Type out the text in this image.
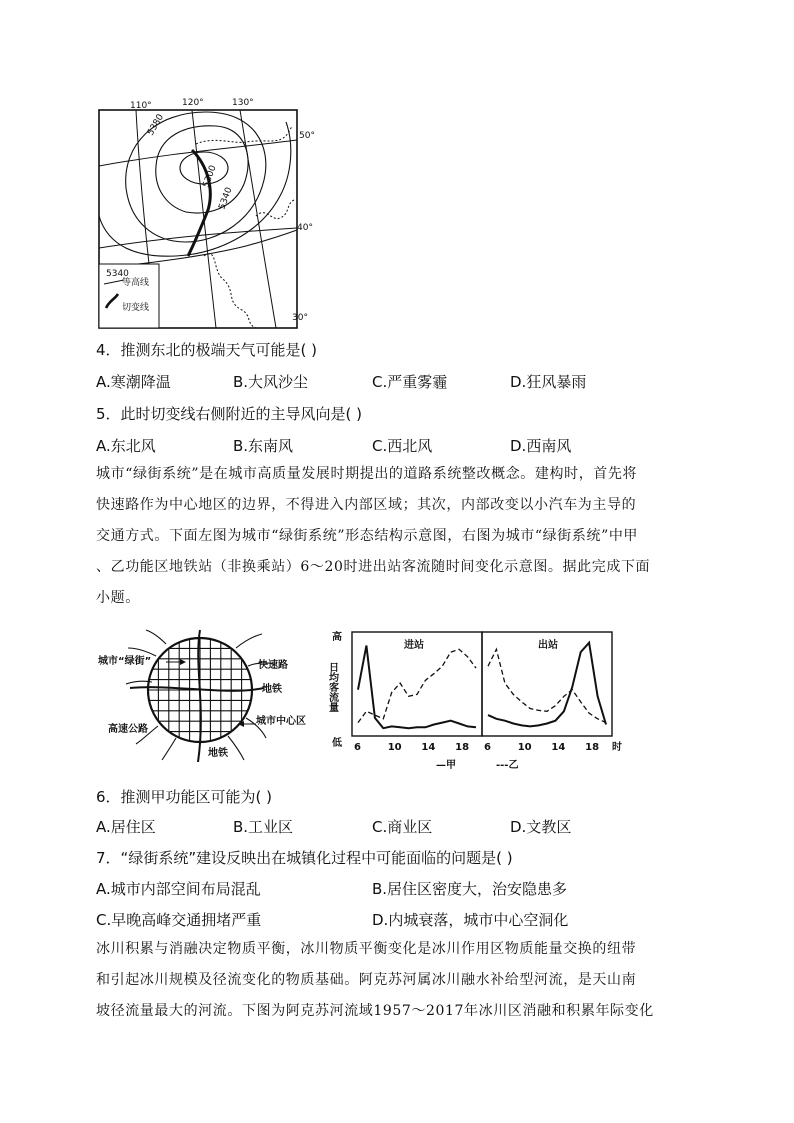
110°	120°	130°
50°
40°
30°
5380
5300
5340
5340
等高线
切变线
4．推测东北的极端天气可能是( )
A.寒潮降温	B.大风沙尘	C.严重雾霾	D.狂风暴雨
5．此时切变线右侧附近的主导风向是( )
A.东北风	B.东南风	C.西北风	D.西南风
城市“绿街系统”是在城市高质量发展时期提出的道路系统整改概念。建构时，首先将
快速路作为中心地区的边界，不得进入内部区域；其次，内部改变以小汽车为主导的
交通方式。下面左图为城市“绿街系统”形态结构示意图，右图为城市“绿街系统”中甲
、乙功能区地铁站（非换乘站）6～20时进出站客流随时间变化示意图。据此完成下面
小题。
城市“绿街”	快速路
地铁
高速公路
城市中心区
地铁
高
日均客流量
低
进站	出站
6	10 14 18 6	10 14 18 时
—甲	---乙
6．推测甲功能区可能为( )
A.居住区	B.工业区	C.商业区	D.文教区
7．“绿街系统”建设反映出在城镇化过程中可能面临的问题是( )
A.城市内部空间布局混乱	B.居住区密度大，治安隐患多
C.早晚高峰交通拥堵严重	D.内城衰落，城市中心空洞化
冰川积累与消融决定物质平衡，冰川物质平衡变化是冰川作用区物质能量交换的纽带
和引起冰川规模及径流变化的物质基础。阿克苏河属冰川融水补给型河流，是天山南
坡径流量最大的河流。下图为阿克苏河流域1957～2017年冰川区消融和积累年际变化
